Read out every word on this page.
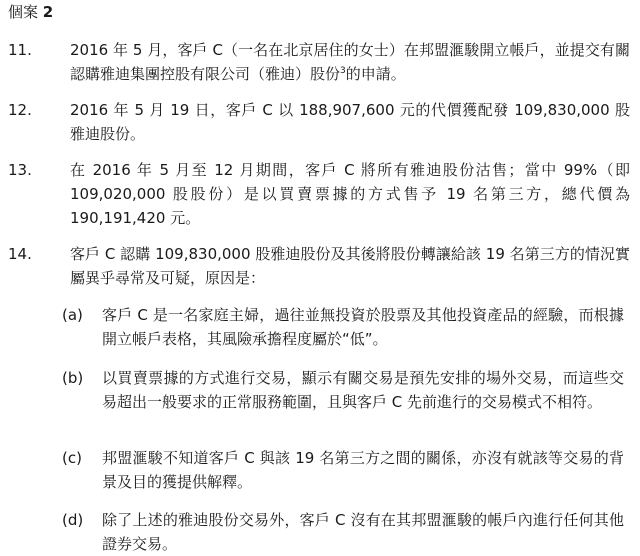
個案 2
11.	2016 年 5 月，客戶 C（一名在北京居住的女士）在邦盟滙駿開立帳戶，並提交有關認購雅迪集團控股有限公司（雅迪）股份$^3$的申請。
12.	2016 年 5 月 19 日，客戶 C 以 188,907,600 元的代價獲配發 109,830,000 股雅迪股份。
13.	在 2016 年 5 月至 12 月期間，客戶 C 將所有雅迪股份沽售；當中 99%（即 109,020,000 股股份）是以買賣票據的方式售予 19 名第三方，總代價為 190,191,420 元。
14.	客戶 C 認購 109,830,000 股雅迪股份及其後將股份轉讓給該 19 名第三方的情況實屬異乎尋常及可疑，原因是：
(a) 客戶 C 是一名家庭主婦，過往並無投資於股票及其他投資產品的經驗，而根據開立帳戶表格，其風險承擔程度屬於“低”。
(b) 以買賣票據的方式進行交易，顯示有關交易是預先安排的場外交易，而這些交易超出一般要求的正常服務範圍，且與客戶 C 先前進行的交易模式不相符。
(c) 邦盟滙駿不知道客戶 C 與該 19 名第三方之間的關係，亦沒有就該等交易的背景及目的獲提供解釋。
(d) 除了上述的雅迪股份交易外，客戶 C 沒有在其邦盟滙駿的帳戶內進行任何其他證券交易。
